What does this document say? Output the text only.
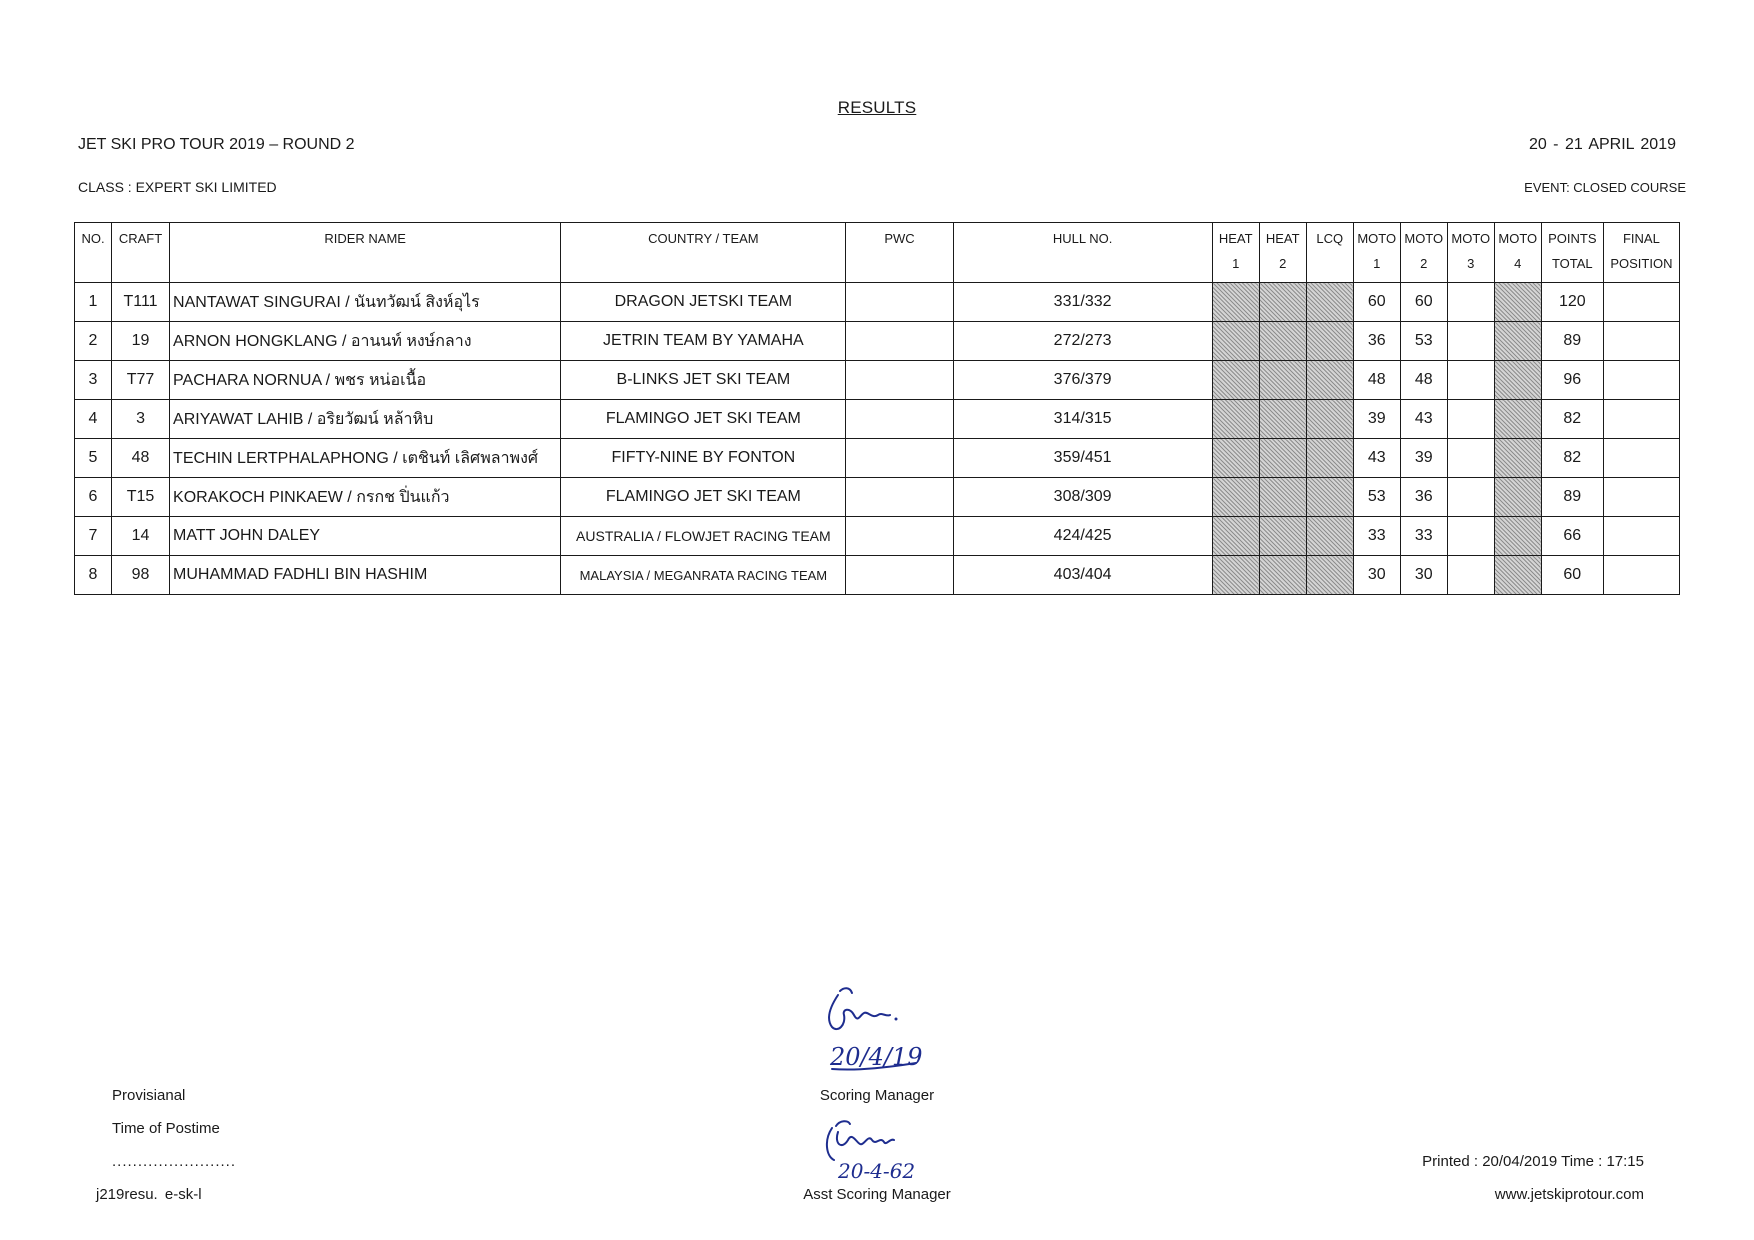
RESULTS
JET SKI PRO TOUR 2019 – ROUND 2	20 - 21 APRIL 2019
CLASS : EXPERT SKI LIMITED	EVENT: CLOSED COURSE
NO.	CRAFT	RIDER NAME	COUNTRY / TEAM	PWC	HULL NO.	HEAT	HEAT	LCQ	MOTO	MOTO	MOTO	MOTO	POINTS	FINAL
						1	2		1	2	3	4	TOTAL	POSITION
1	T111	NANTAWAT SINGURAI / นันทวัฒน์ สิงห์อุไร	DRAGON JETSKI TEAM		331/332				60	60			120	
2	19	ARNON HONGKLANG / อานนท์ หงษ์กลาง	JETRIN TEAM BY YAMAHA		272/273				36	53			89	
3	T77	PACHARA NORNUA / พชร หน่อเนื้อ	B-LINKS JET SKI TEAM		376/379				48	48			96	
4	3	ARIYAWAT LAHIB / อริยวัฒน์ หล้าหิบ	FLAMINGO JET SKI TEAM		314/315				39	43			82	
5	48	TECHIN LERTPHALAPHONG / เตชินท์ เลิศพลาพงศ์	FIFTY-NINE BY FONTON		359/451				43	39			82	
6	T15	KORAKOCH PINKAEW / กรกช ปิ่นแก้ว	FLAMINGO JET SKI TEAM		308/309				53	36			89	
7	14	MATT JOHN DALEY	AUSTRALIA / FLOWJET RACING TEAM		424/425				33	33			66	
8	98	MUHAMMAD FADHLI BIN HASHIM	MALAYSIA / MEGANRATA RACING TEAM		403/404				30	30			60	
20/4/19
20-4-62
Provisianal
Time of Postime
........................
j219resu. e-sk-l
Scoring Manager
Asst Scoring Manager
Printed : 20/04/2019 Time : 17:15
www.jetskiprotour.com
